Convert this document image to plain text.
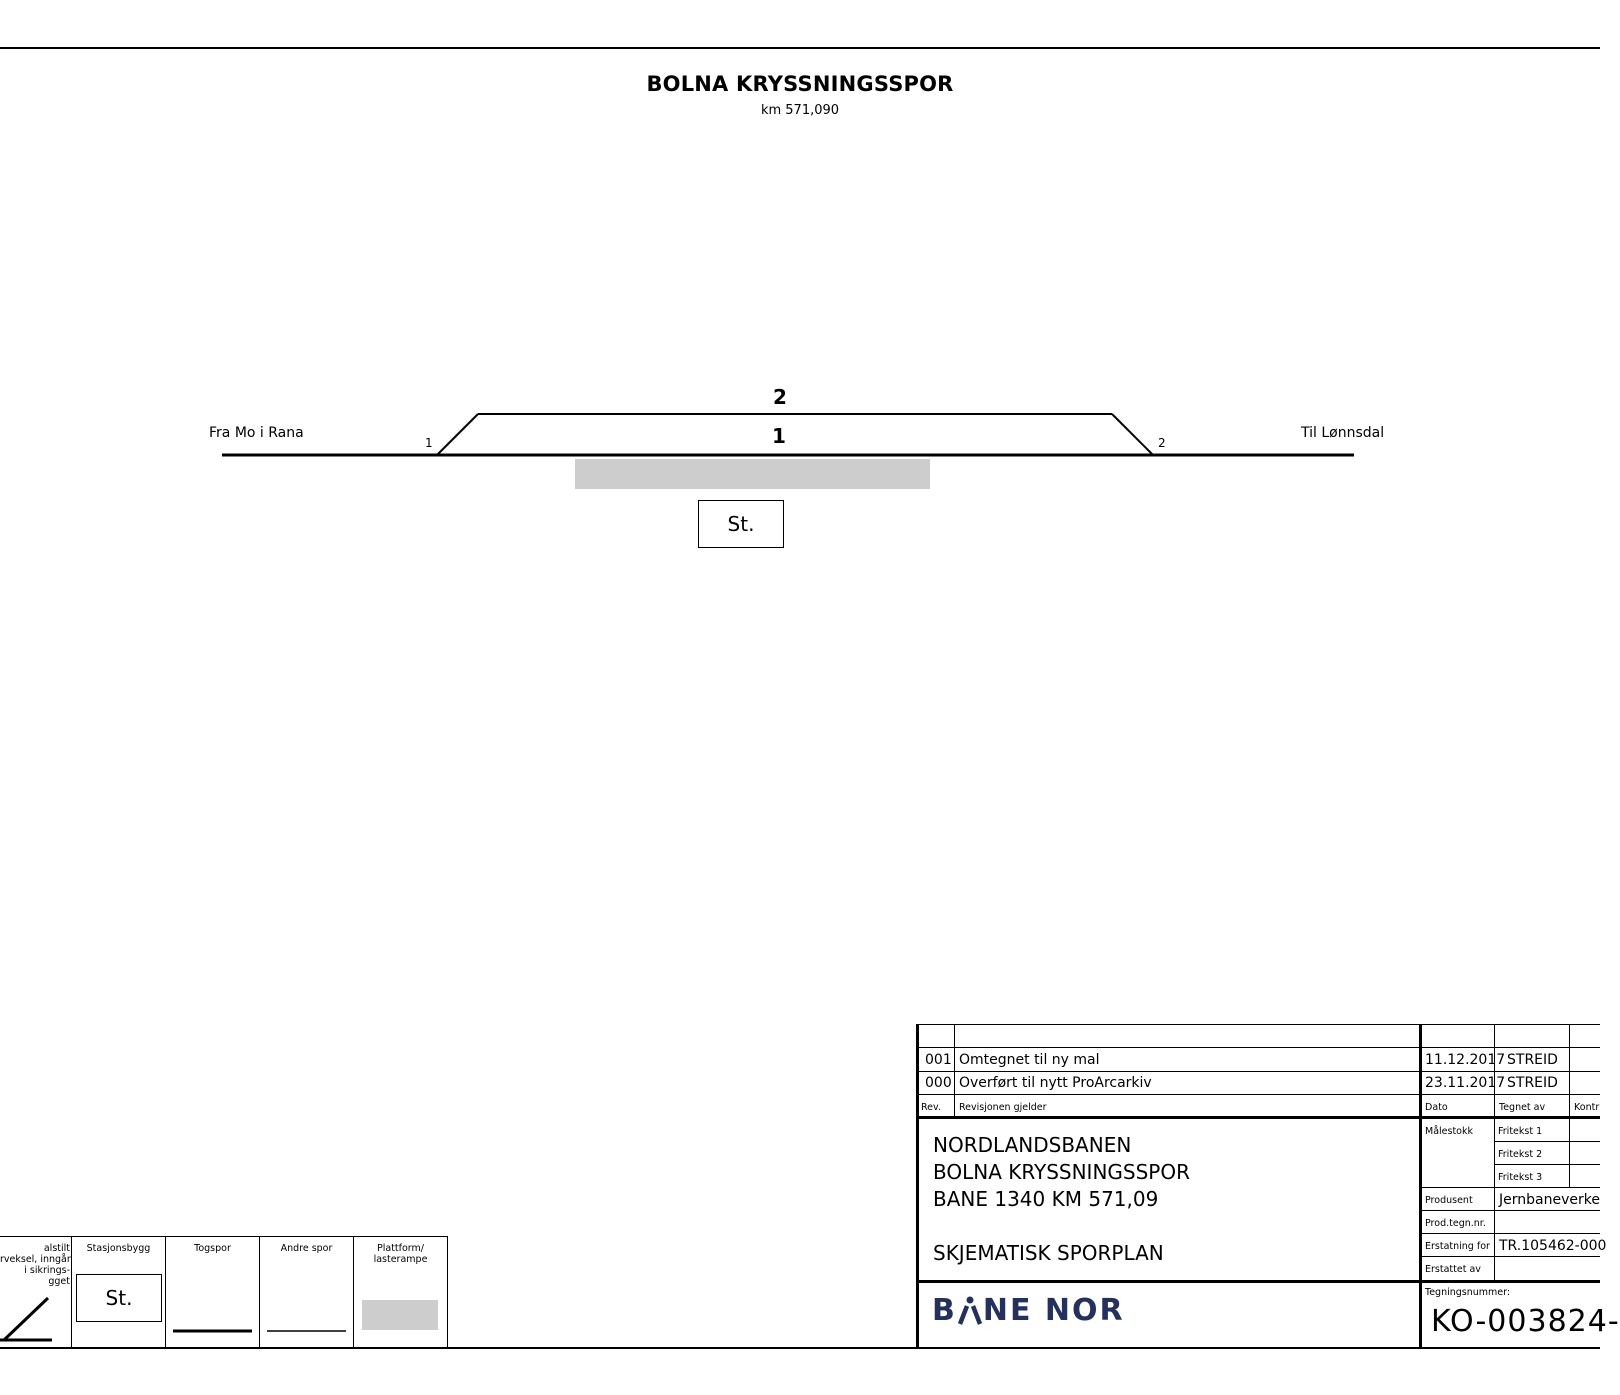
BOLNA KRYSSNINGSSPOR
km 571,090
Fra Mo i Rana	Til Lønnsdal
1	2
2
1
St.
alstilt
rveksel, inngår
i sikrings-
gget
Stasjonsbygg
St.
Togspor	Andre spor	Plattform/
lasterampe
001 Omtegnet til ny mal	11.12.2017 STREID
000 Overført til nytt ProArcarkiv	23.11.2017 STREID
Rev. Revisjonen gjelder	Dato	Tegnet av	Kontr
NORDLANDSBANEN
BOLNA KRYSSNINGSSPOR
BANE 1340 KM 571,09
SKJEMATISK SPORPLAN
Målestokk	Fritekst 1
Fritekst 2
Fritekst 3
Produsent Jernbaneverke
Prod.tegn.nr.
Erstatning for TR.105462-000
Erstattet av
Tegningsnummer:
KO-003824-
B NE NOR
